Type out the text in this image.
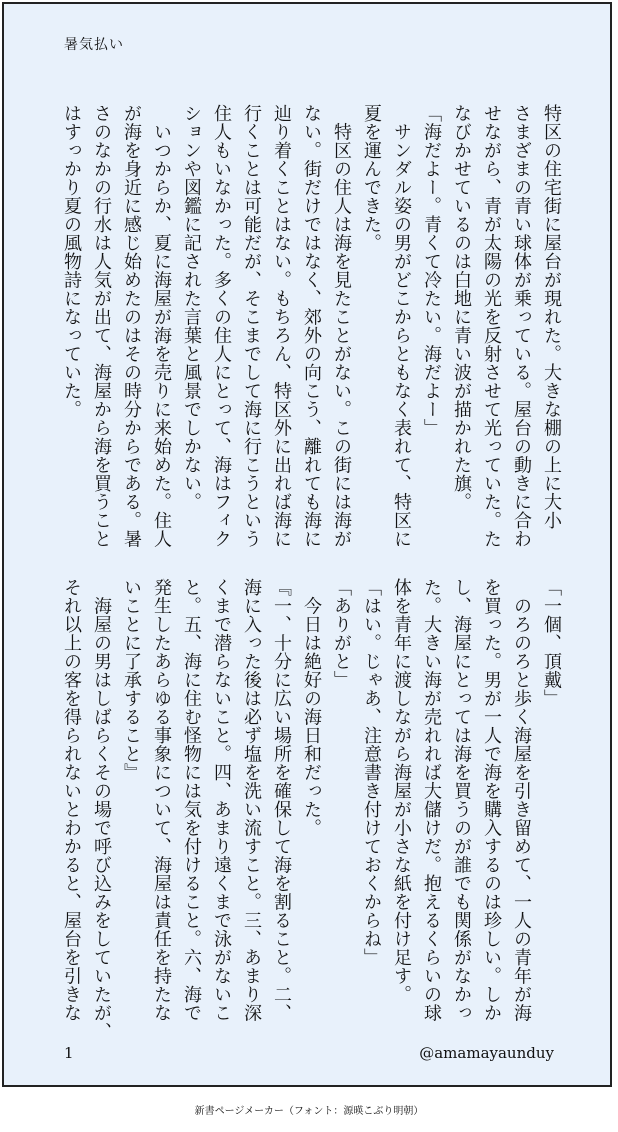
暑気払い
特区の住宅街に屋台が現れた。大きな棚の上に大小
さまざまの青い球体が乗っている。屋台の動きに合わ
せながら、青が太陽の光を反射させて光っていた。た
なびかせているのは白地に青い波が描かれた旗。
「海だよー。青くて冷たい。海だよー」
　サンダル姿の男がどこからともなく表れて、特区に
夏を運んできた。
　特区の住人は海を見たことがない。この街には海が
ない。街だけではなく、郊外の向こう、離れても海に
辿り着くことはない。もちろん、特区外に出れば海に
行くことは可能だが、そこまでして海に行こうという
住人もいなかった。多くの住人にとって、海はフィク
ションや図鑑に記された言葉と風景でしかない。
　いつからか、夏に海屋が海を売りに来始めた。住人
が海を身近に感じ始めたのはその時分からである。暑
さのなかの行水は人気が出て、海屋から海を買うこと
はすっかり夏の風物詩になっていた。
「一個、頂戴」
　のろのろと歩く海屋を引き留めて、一人の青年が海
を買った。男が一人で海を購入するのは珍しい。しか
し、海屋にとっては海を買うのが誰でも関係がなかっ
た。大きい海が売れれば大儲けだ。抱えるくらいの球
体を青年に渡しながら海屋が小さな紙を付け足す。
「はい。じゃあ、注意書き付けておくからね」
「ありがと」
　今日は絶好の海日和だった。
『一、十分に広い場所を確保して海を割ること。二、
海に入った後は必ず塩を洗い流すこと。三、あまり深
くまで潜らないこと。四、あまり遠くまで泳がないこ
と。五、海に住む怪物には気を付けること。六、海で
発生したあらゆる事象について、海屋は責任を持たな
いことに了承すること』
　海屋の男はしばらくその場で呼び込みをしていたが、
それ以上の客を得られないとわかると、屋台を引きな
1	@amamayaunduy
新書ページメーカー（フォント：源暎こぶり明朝）
